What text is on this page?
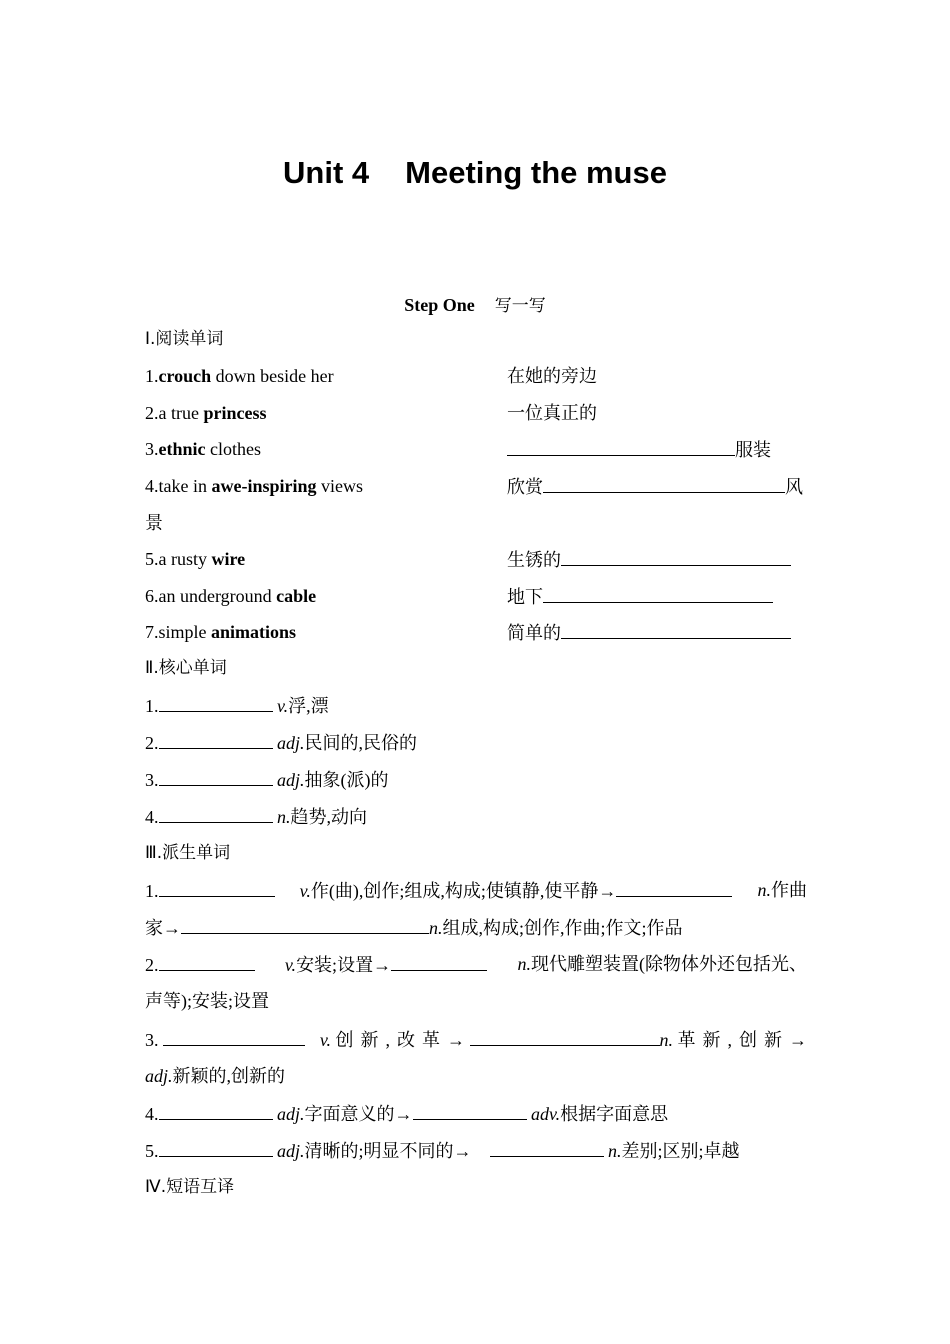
Unit 4 Meeting the muse
Step One 写一写
Ⅰ.阅读单词
1.crouch down beside her	在她的旁边
2.a true princess	一位真正的
3.ethnic clothes	服装
4.take in awe-inspiring views	欣赏	风
景
5.a rusty wire	生锈的
6.an underground cable	地下
7.simple animations	简单的
Ⅱ.核心单词
1.	v.浮,漂
2.	adj.民间的,民俗的
3.	adj.抽象(派)的
4.	n.趋势,动向
Ⅲ.派生单词
1.	v.作(曲),创作;组成,构成;使镇静,使平静→	n.作曲
家→	n.组成,构成;创作,作曲;作文;作品
2.	v.安装;设置→	n.现代雕塑装置(除物体外还包括光、
声等);安装;设置
3.	v. 创新,改革→	n. 革新,创新→
adj.新颖的,创新的
4.	adj.字面意义的→	adv.根据字面意思
5.	adj.清晰的;明显不同的→	n.差别;区别;卓越
Ⅳ.短语互译
